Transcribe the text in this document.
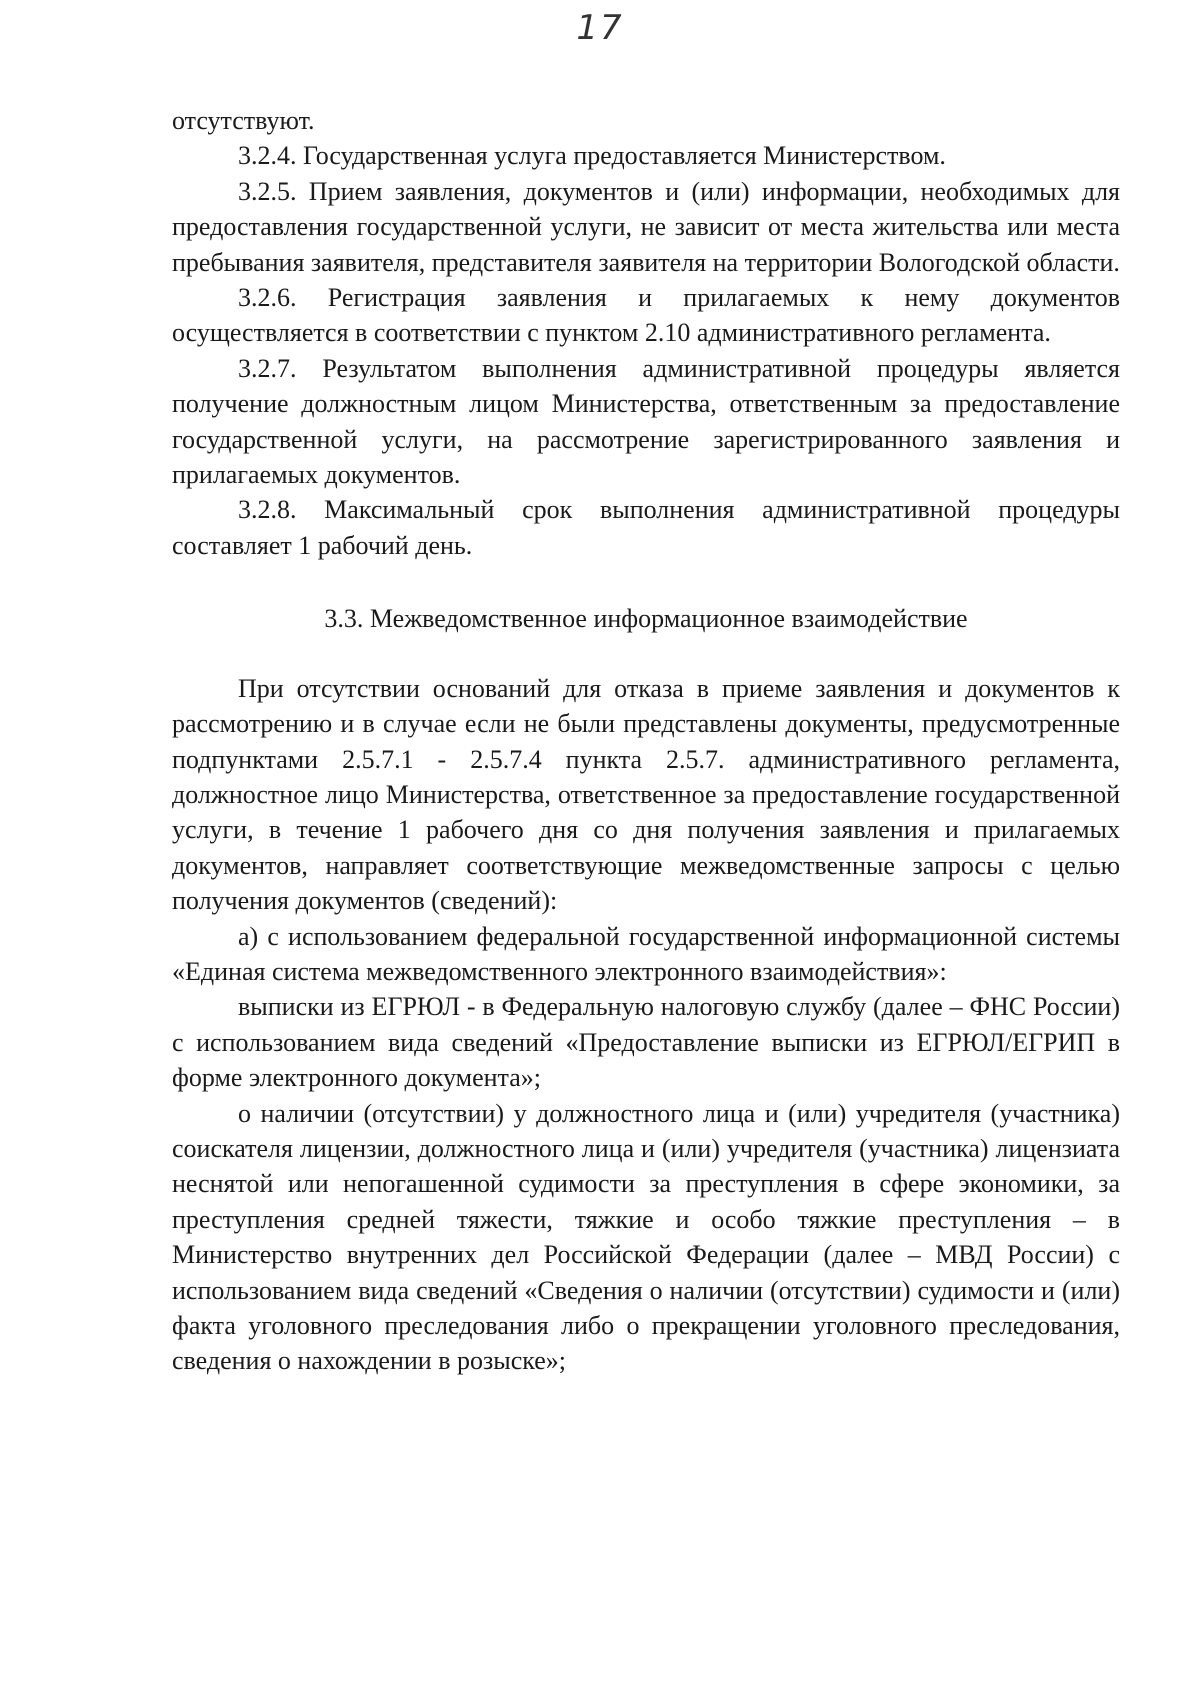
17

отсутствуют.

3.2.4. Государственная услуга предоставляется Министерством.

3.2.5. Прием заявления, документов и (или) информации, необходимых для предоставления государственной услуги, не зависит от места жительства или места пребывания заявителя, представителя заявителя на территории Вологодской области.

3.2.6. Регистрация заявления и прилагаемых к нему документов осуществляется в соответствии с пунктом 2.10 административного регламента.

3.2.7. Результатом выполнения административной процедуры является получение должностным лицом Министерства, ответственным за предоставление государственной услуги, на рассмотрение зарегистрированного заявления и прилагаемых документов.

3.2.8. Максимальный срок выполнения административной процедуры составляет 1 рабочий день.

3.3. Межведомственное информационное взаимодействие

При отсутствии оснований для отказа в приеме заявления и документов к рассмотрению и в случае если не были представлены документы, предусмотренные подпунктами 2.5.7.1 - 2.5.7.4 пункта 2.5.7. административного регламента, должностное лицо Министерства, ответственное за предоставление государственной услуги, в течение 1 рабочего дня со дня получения заявления и прилагаемых документов, направляет соответствующие межведомственные запросы с целью получения документов (сведений):

а) с использованием федеральной государственной информационной системы «Единая система межведомственного электронного взаимодействия»:

выписки из ЕГРЮЛ - в Федеральную налоговую службу (далее – ФНС России) с использованием вида сведений «Предоставление выписки из ЕГРЮЛ/ЕГРИП в форме электронного документа»;

о наличии (отсутствии) у должностного лица и (или) учредителя (участника) соискателя лицензии, должностного лица и (или) учредителя (участника) лицензиата неснятой или непогашенной судимости за преступления в сфере экономики, за преступления средней тяжести, тяжкие и особо тяжкие преступления – в Министерство внутренних дел Российской Федерации (далее – МВД России) с использованием вида сведений «Сведения о наличии (отсутствии) судимости и (или) факта уголовного преследования либо о прекращении уголовного преследования, сведения о нахождении в розыске»;
